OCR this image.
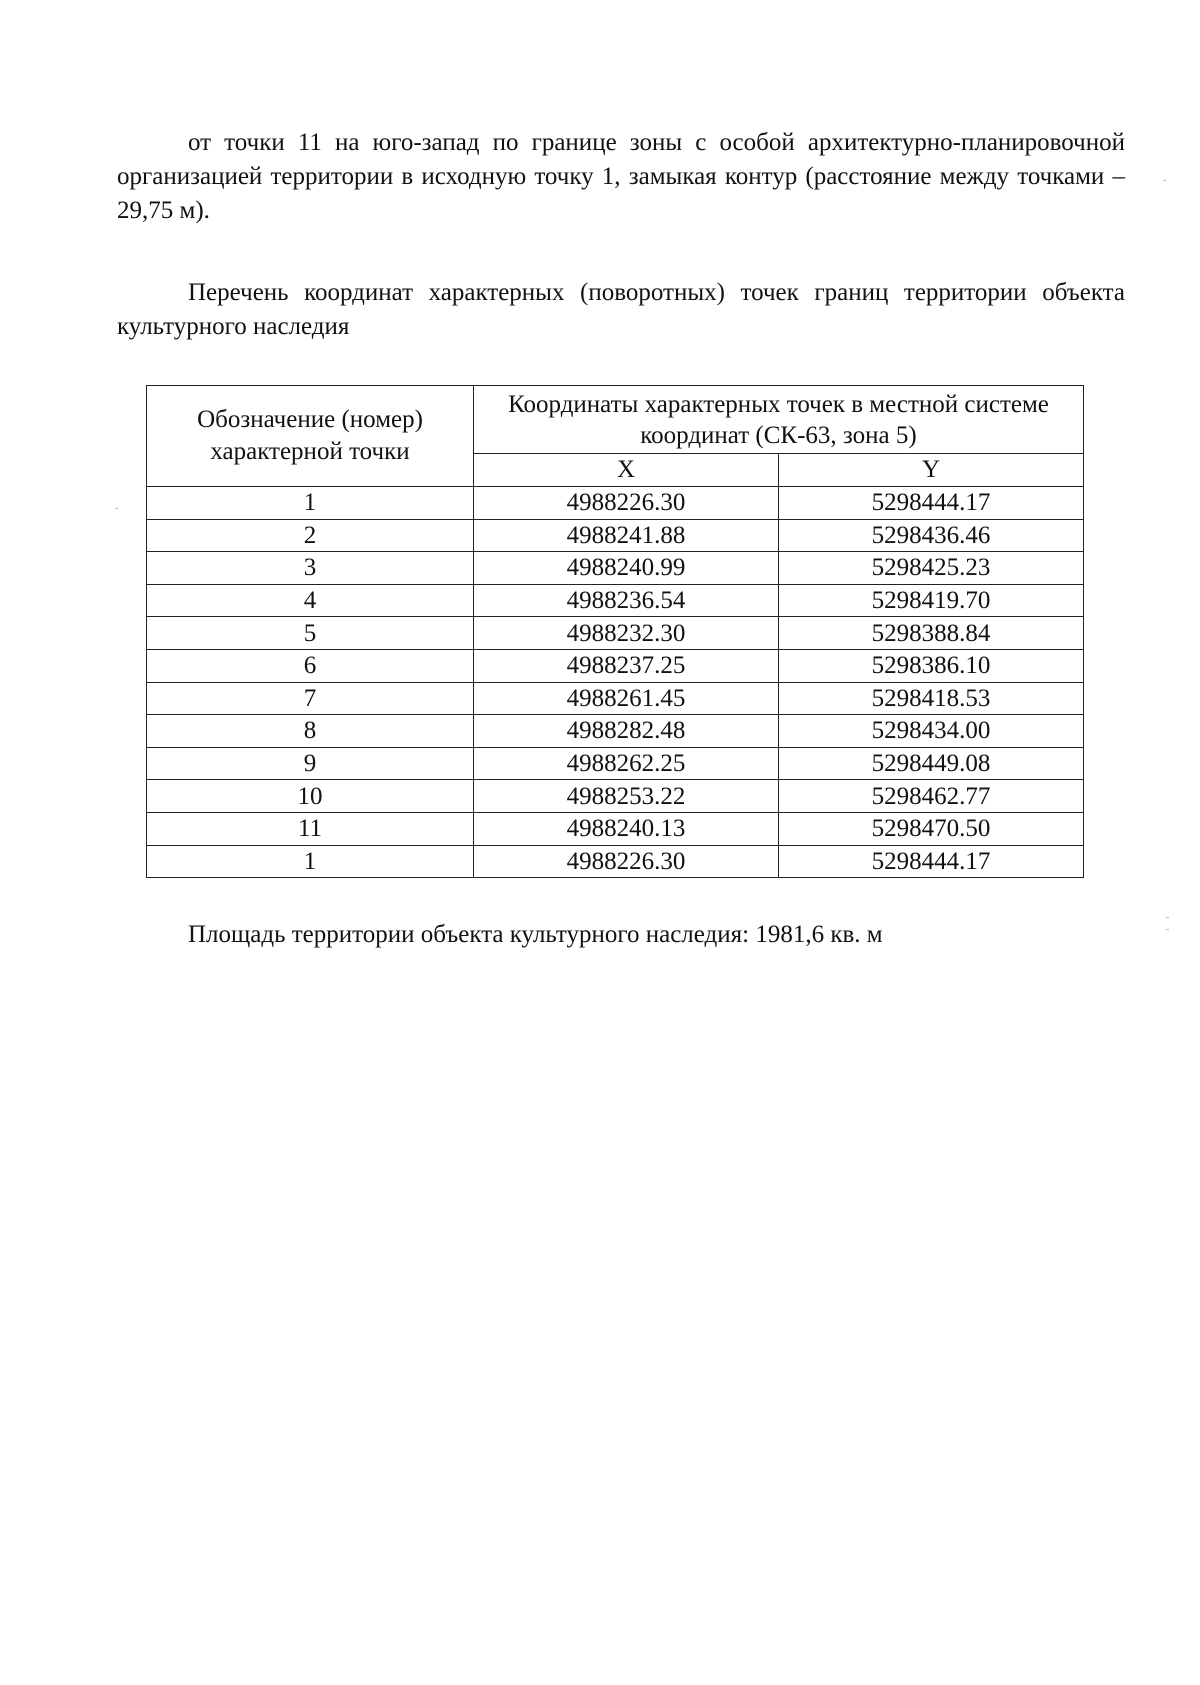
от точки 11 на юго-запад по границе зоны с особой архитектурно-планировочной организацией территории в исходную точку 1, замыкая контур (расстояние между точками – 29,75 м).

Перечень координат характерных (поворотных) точек границ территории объекта культурного наследия

Обозначение (номер) характерной точки	Координаты характерных точек в местной системе координат (СК-63, зона 5)	
	X	Y
1	4988226.30	5298444.17
2	4988241.88	5298436.46
3	4988240.99	5298425.23
4	4988236.54	5298419.70
5	4988232.30	5298388.84
6	4988237.25	5298386.10
7	4988261.45	5298418.53
8	4988282.48	5298434.00
9	4988262.25	5298449.08
10	4988253.22	5298462.77
11	4988240.13	5298470.50
1	4988226.30	5298444.17

Площадь территории объекта культурного наследия: 1981,6 кв. м
